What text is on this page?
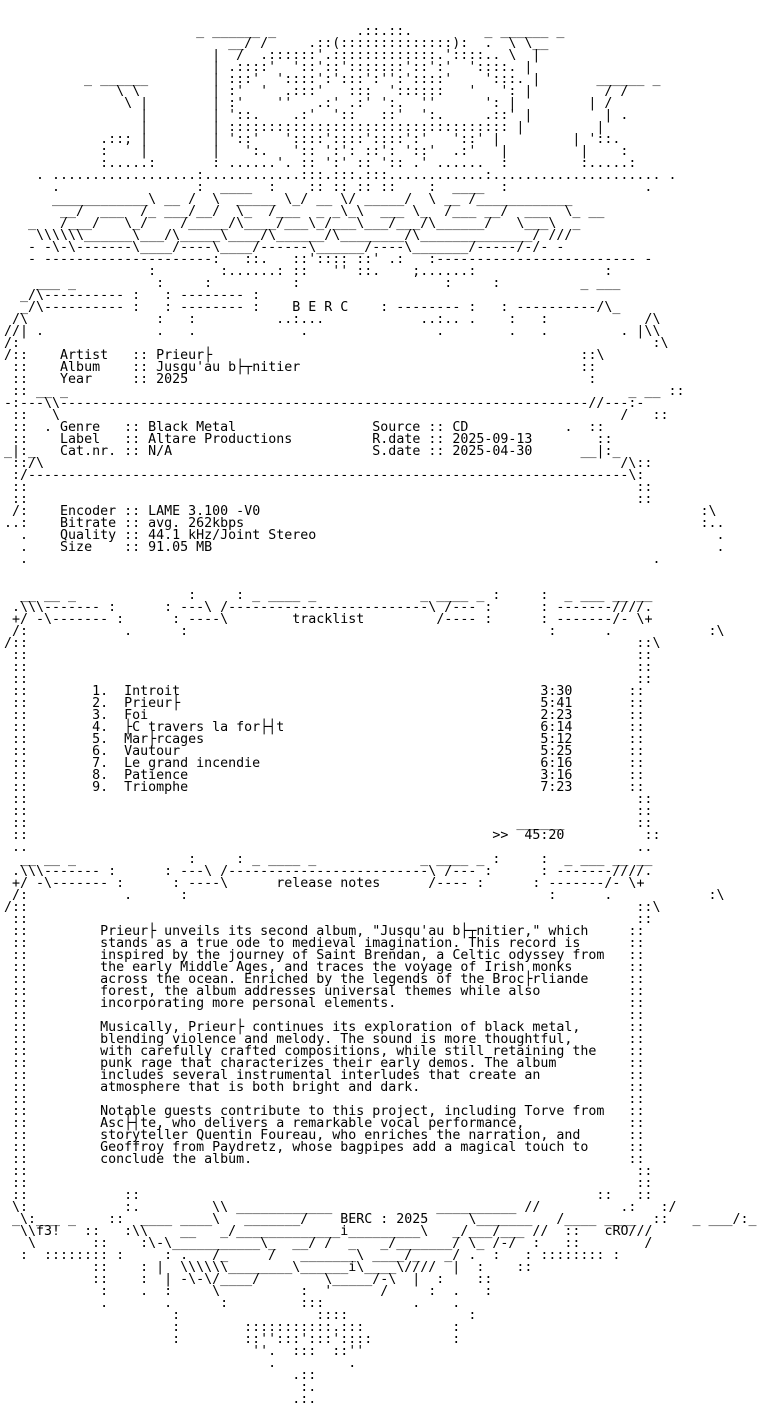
_ ______ _          .::.::.         _ ______ _
__/ /     .::(::::::::::::::):  .  \ \__
|  /  .::::::'.:::::::::::::.'::::.. \  |
| .::::'  '::'::':::::::'::':'  '::::. |
_ ______        | :::'  '::::':':::':'':'::::'    ':::. |       ______ _
\ \         | :'  '  .:::'   :::  '::::::   '   ': |         / /
\ |        | :'    ''   .:' .:' ':.  ''      ': |         | /
|        | '::.    .:'  '::   ::'  ':.     .::' |         | .
|        | ::::::::::::::::::::::::::::::::::: |         |
.::; |        | '::'   '::::'::::'::::':'   '::' |         | '::.
:    |        |   ':.   ':: ':': ::': '::'  .:'   |         |    :
:.....:       : ......'. :: ':' :: ':: .' ......  :         :.....:
. ..................:............:::.:::.:::............:..................... .
.                 :  ____  :    :: :: :: ::    :  ____  :                 .
____________\ __ /  \  _____ \_/ __ \/ _____/  \ __ /____________
__/  ___  /_ ___/__/  \_  /___  _ _\_\  ___ \_  /___ __/  ___  \_ __
_   /___/   \_/    /_____/\____/___\_/___\___/___/\______/   \___\  _
\\\\\\______\___/\_____\____/\______/\________/\______________/ ///
- -\-\-------\____/----\____/------\______/----\_______/-----/-/- -
- ---------------------:   ::.   ::':::: ::' .:   :------------------------- -
:        :......: ::   '' ::.    ;......:                :
___ _          :     :          :                  :     :          _ ___
_/\---------- :   : -------- :
_/\---------- :   : -------- :    B E R C    : -------- :   : ----------/\_
/\                :   :          ..:...            ..:.. .    :   :            /\
//| .              .   .             .                .        .   .         . |\\
/:                                                                               :\
/::    Artist   :: Prieur├                                              ::\
::    Album    :: Jusqu'au b├┬nitier                                   ::
::    Year     :: 2025                                                  :
:: __ _                                                                      _ __ ::
-:---\\------------------------------------------------------------------//---:-
::   \                                                                      /   ::
::  . Genre   :: Black Metal	Source :: CD            .  ::
::    Label   :: Altare Productions	R.date :: 2025-09-13        ::
_|:_   Cat.nr. :: N/A	S.date :: 2025-04-30      __|:_
::/\                                                                        /\::
:/---------------------------------------------------------------------------\:
::                                                                            ::
::                                                                            ::
/:    Encoder :: LAME 3.100 -V0                                                       :\
..:    Bitrate :: avg. 262kbps                                                         :..
.    Quality :: 44.1 kHz/Joint Stereo                                                  .
.    Size    :: 91.05 MB                                                               .
.                                                                              .

__ __ _              :     : _ ____ _             _ ____ _ :     :  _ ___ __ __
.\\\------- :      : ---\ /-------------------------\ /--- :      : -------////.
+/ -\------- :      : ----\        tracklist         /---- :      : -------/- \+
/:            .      :                                             :      .            :\
/::                                                                            ::\
::                                                                            ::
::                                                                            ::
::                                                                            ::
::        1. Introit	3:30       ::
::        2. Prieur├	5:41       ::
::        3. Foi	2:23       ::
::        4. ├C travers la for├┤t	6:14       ::
::        5. Mar├rcages	5:12       ::
::        6. Vautour	5:25       ::
::        7. Le grand incendie	6:16       ::
::        8. Patience	3:16       ::
::        9. Triomphe	7:23       ::
::                                                                            ::
::                                                                            ::
::                                                             ______         ::
::                                                          >>  45:20          ::
..                                                                            ..
__ __ _              :     : _ ____ _             _ ____ _ :     :  _ ___ __ __
.\\\------- :      : ---\ /-------------------------\ /--- :      : -------////.
+/ -\------- :      : ----\      release notes      /---- :      : -------/- \+
/:            .      :                                             :      .            :\
/::                                                                            ::\
::                                                                            ::
::         Prieur├ unveils its second album, "Jusqu'au b├┬nitier," which     ::
::         stands as a true ode to medieval imagination. This record is      ::
::         inspired by the journey of Saint Brendan, a Celtic odyssey from   ::
::         the early Middle Ages, and traces the voyage of Irish monks       ::
::         across the ocean. Enriched by the legends of the Broc├rliande     ::
::         forest, the album addresses universal themes while also           ::
::         incorporating more personal elements.                             ::
::                                                                           ::
::         Musically, Prieur├ continues its exploration of black metal,      ::
::         blending violence and melody. The sound is more thoughtful,       ::
::         with carefully crafted compositions, while still retaining the    ::
::         punk rage that characterizes their early demos. The album         ::
::         includes several instrumental interludes that create an           ::
::         atmosphere that is both bright and dark.                          ::
::                                                                           ::
::         Notable guests contribute to this project, including Torve from   ::
::         Asc├┤te, who delivers a remarkable vocal performance,             ::
::         storyteller Quentin Foureau, who enriches the narration, and      ::
::         Geoffroy from Paydretz, whose bagpipes add a magical touch to     ::
::         conclude the album.                                               ::
::                                                                            ::
::                                                                            ::
::            ::                                                         ::   ::
\:            :.         \\ ____________             __________ //          .:   :/
_\:___ _    ::  ____ ____\   _______/    BERC : 2025     \_______   /____ ____  ::   _ ___/:_
\\f3!   ::   :\\    __   _/_____________i_________\   _/___/___ //  ::   cRO///
\       ::    :\-\___________\_  __/ /  _   _/_______/ \_ /-/  :   ::        /
:  :::::::: :     : .   /_     /   _______\ ____/_   _/ .  :   : :::::::: :
::    : |  \\\\\\________\______i\____\////  |  :    ::
::    :  | -\-\/____/        \_____/-\  |  :    ::
:    .  :     \          :  '      /     :  .   :
.       .      :         :::           .    .
:                 ::::               :
:        :::::::::::.:::           :
:        ::'':::':::'::::          :
''.  :::  ::''
.         .
.::
:.
.:.
